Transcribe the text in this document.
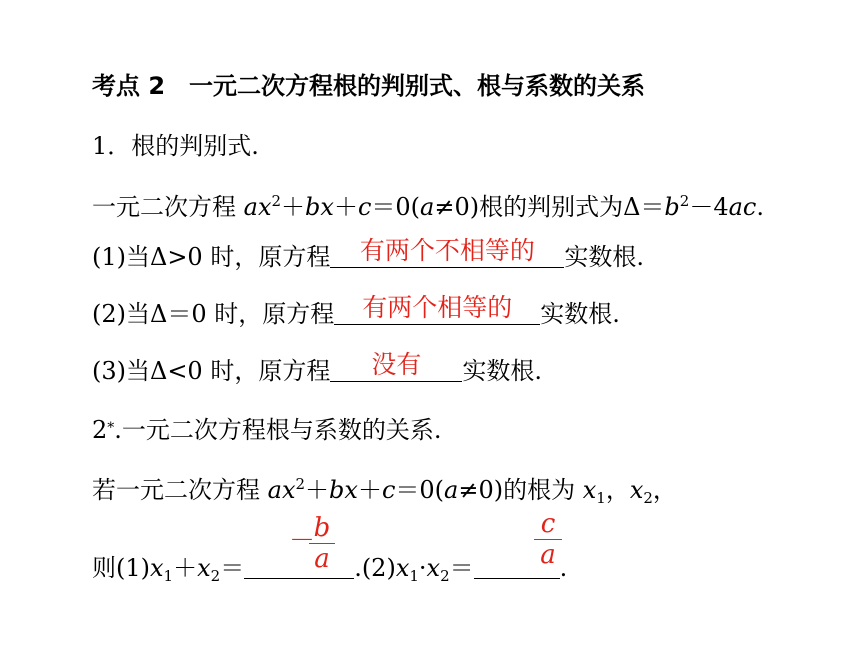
考点 2　一元二次方程根的判别式、根与系数的关系
1．根的判别式.
一元二次方程 $ax^2+bx+c=0(a\ne 0)$根的判别式为$\Delta=b^2-4ac$.
(1)当Δ>0 时，原方程	有两个不相等的	实数根.
(2)当Δ＝0 时，原方程	有两个相等的	实数根.
(3)当Δ<0 时，原方程	没有	实数根.
2*.一元二次方程根与系数的关系.
若一元二次方程 $ax^2+bx+c=0(a\ne 0)$的根为 $x_1$，$x_2$，
－
b
a
c
a
则$(1)x_1+x_2=$	$.(2)x_1\cdot x_2=$	.
